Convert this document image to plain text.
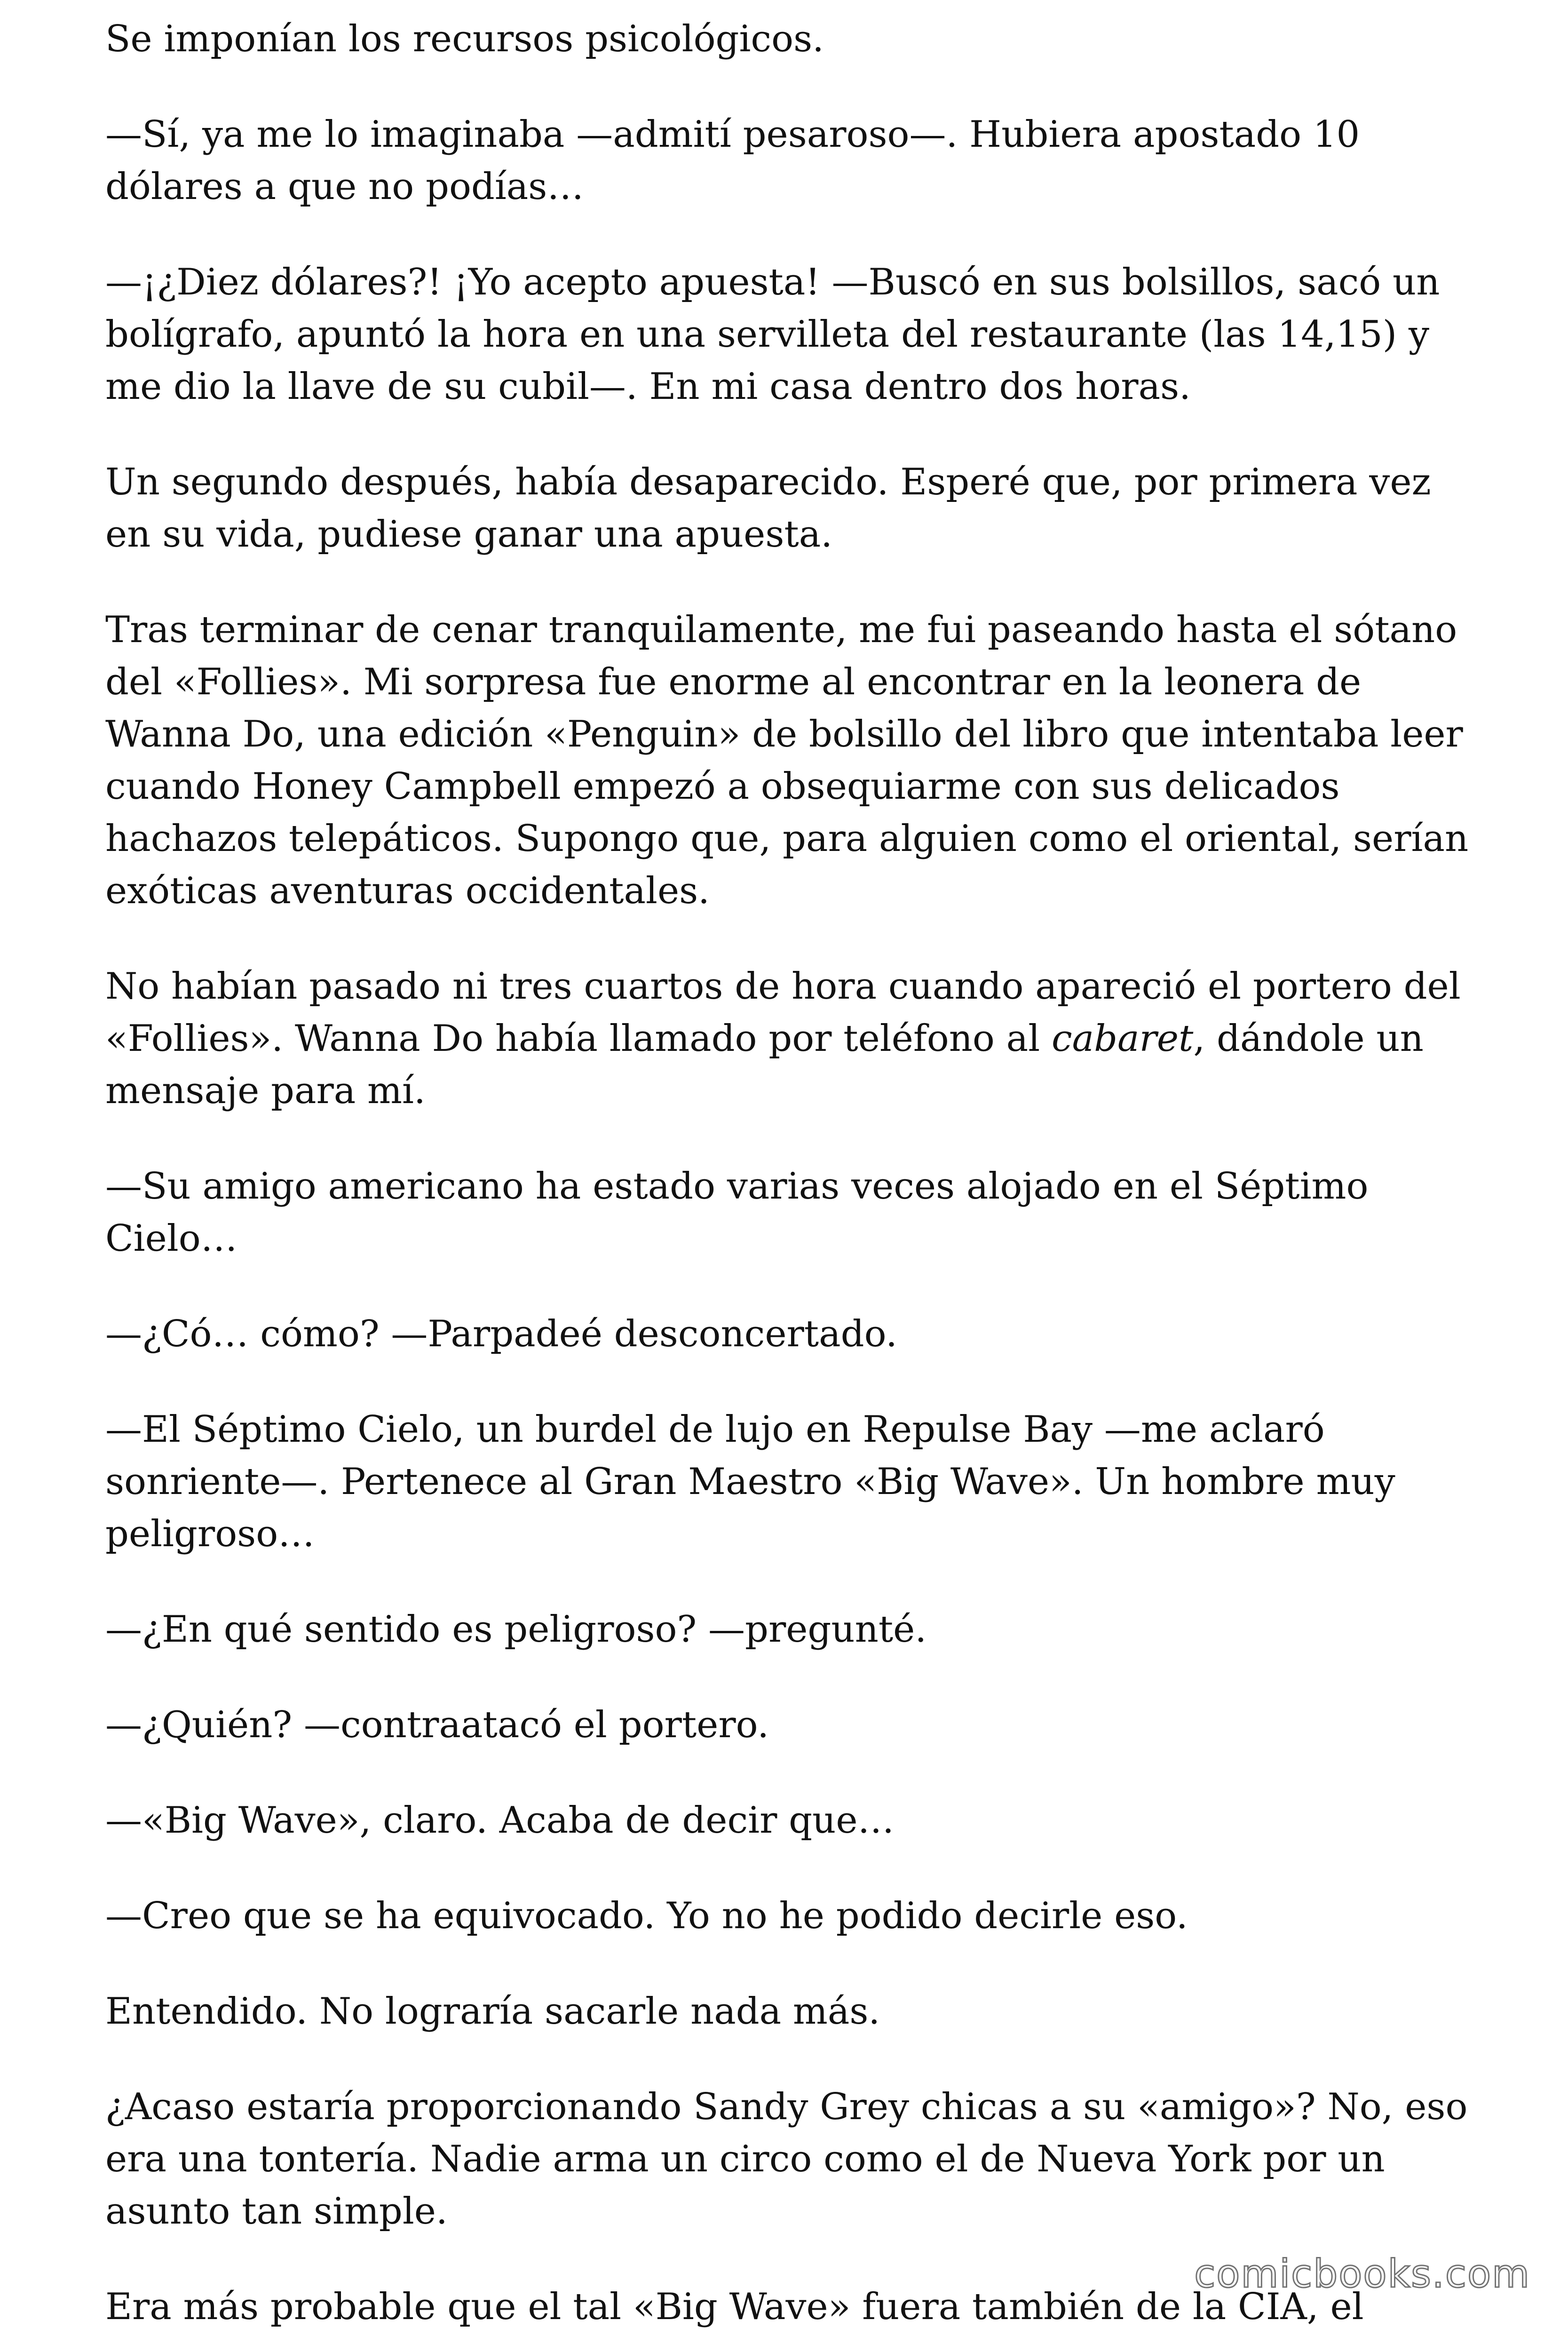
Se imponían los recursos psicológicos.

—Sí, ya me lo imaginaba —admití pesaroso—. Hubiera apostado 10 dólares a que no podías…

—¡¿Diez dólares?! ¡Yo acepto apuesta! —Buscó en sus bolsillos, sacó un bolígrafo, apuntó la hora en una servilleta del restaurante (las 14,15) y me dio la llave de su cubil—. En mi casa dentro dos horas.

Un segundo después, había desaparecido. Esperé que, por primera vez en su vida, pudiese ganar una apuesta.

Tras terminar de cenar tranquilamente, me fui paseando hasta el sótano del «Follies». Mi sorpresa fue enorme al encontrar en la leonera de Wanna Do, una edición «Penguin» de bolsillo del libro que intentaba leer cuando Honey Campbell empezó a obsequiarme con sus delicados hachazos telepáticos. Supongo que, para alguien como el oriental, serían exóticas aventuras occidentales.

No habían pasado ni tres cuartos de hora cuando apareció el portero del «Follies». Wanna Do había llamado por teléfono al cabaret, dándole un mensaje para mí.

—Su amigo americano ha estado varias veces alojado en el Séptimo Cielo…

—¿Có… cómo? —Parpadeé desconcertado.

—El Séptimo Cielo, un burdel de lujo en Repulse Bay —me aclaró sonriente—. Pertenece al Gran Maestro «Big Wave». Un hombre muy peligroso…

—¿En qué sentido es peligroso? —pregunté.

—¿Quién? —contraatacó el portero.

—«Big Wave», claro. Acaba de decir que…

—Creo que se ha equivocado. Yo no he podido decirle eso.

Entendido. No lograría sacarle nada más.

¿Acaso estaría proporcionando Sandy Grey chicas a su «amigo»? No, eso era una tontería. Nadie arma un circo como el de Nueva York por un asunto tan simple.

Era más probable que el tal «Big Wave» fuera también de la CIA, el

comicbooks.com
